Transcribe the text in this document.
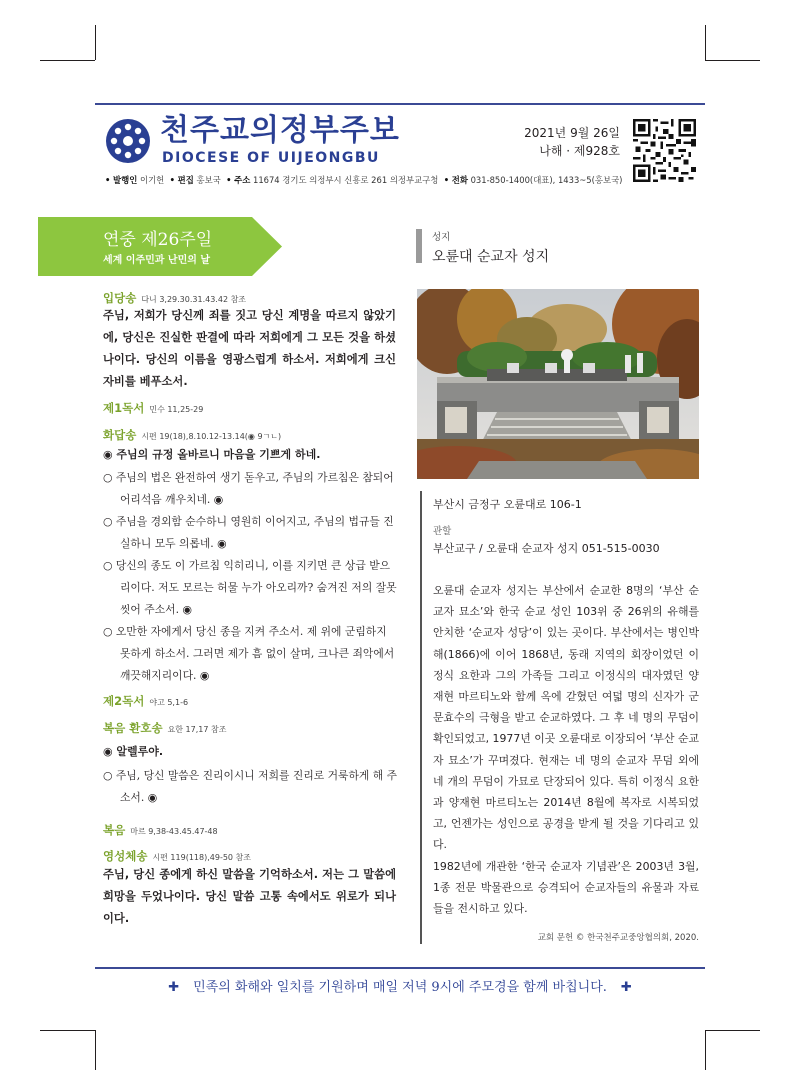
천주교의정부주보
DIOCESE OF UIJEONGBU
2021년 9월 26일
나해 · 제928호
• 발행인 이기헌 • 편집 홍보국 • 주소 11674 경기도 의정부시 신흥로 261 의정부교구청 • 전화 031-850-1400(대표), 1433~5(홍보국)
연중 제26주일
세계 이주민과 난민의 날
입당송 다니 3,29.30.31.43.42 참조
주님, 저희가 당신께 죄를 짓고 당신 계명을 따르지 않았기에, 당신은 진실한 판결에 따라 저희에게 그 모든 것을 하셨나이다. 당신의 이름을 영광스럽게 하소서. 저희에게 크신 자비를 베푸소서.
제1독서 민수 11,25-29
화답송 시편 19(18),8.10.12-13.14(◉ 9ㄱㄴ)
◉ 주님의 규정 올바르니 마음을 기쁘게 하네.
○ 주님의 법은 완전하여 생기 돋우고, 주님의 가르침은 참되어 어리석음 깨우치네. ◉
○ 주님을 경외함 순수하니 영원히 이어지고, 주님의 법규들 진실하니 모두 의롭네. ◉
○ 당신의 종도 이 가르침 익히리니, 이를 지키면 큰 상급 받으리이다. 저도 모르는 허물 누가 아오리까? 숨겨진 저의 잘못 씻어 주소서. ◉
○ 오만한 자에게서 당신 종을 지켜 주소서. 제 위에 군림하지 못하게 하소서. 그러면 제가 흠 없이 살며, 크나큰 죄악에서 깨끗해지리이다. ◉
제2독서 야고 5,1-6
복음 환호송 요한 17,17 참조
◉ 알렐루야.
○ 주님, 당신 말씀은 진리이시니 저희를 진리로 거룩하게 해 주소서. ◉
복음 마르 9,38-43.45.47-48
영성체송 시편 119(118),49-50 참조
주님, 당신 종에게 하신 말씀을 기억하소서. 저는 그 말씀에 희망을 두었나이다. 당신 말씀 고통 속에서도 위로가 되나이다.
성지
오륜대 순교자 성지
부산시 금정구 오륜대로 106-1
관할
부산교구 / 오륜대 순교자 성지 051-515-0030

오륜대 순교자 성지는 부산에서 순교한 8명의 ‘부산 순교자 묘소’와 한국 순교 성인 103위 중 26위의 유해를 안치한 ‘순교자 성당’이 있는 곳이다. 부산에서는 병인박해(1866)에 이어 1868년, 동래 지역의 회장이었던 이정식 요한과 그의 가족들 그리고 이정식의 대자였던 양재현 마르티노와 함께 옥에 갇혔던 여덟 명의 신자가 군문효수의 극형을 받고 순교하였다. 그 후 네 명의 무덤이 확인되었고, 1977년 이곳 오륜대로 이장되어 ‘부산 순교자 묘소’가 꾸며졌다. 현재는 네 명의 순교자 무덤 외에 네 개의 무덤이 가묘로 단장되어 있다. 특히 이정식 요한과 양재현 마르티노는 2014년 8월에 복자로 시복되었고, 언젠가는 성인으로 공경을 받게 될 것을 기다리고 있다.

1982년에 개관한 ‘한국 순교자 기념관’은 2003년 3월, 1종 전문 박물관으로 승격되어 순교자들의 유물과 자료들을 전시하고 있다.

교회 문헌 © 한국천주교중앙협의회, 2020.
✚ 민족의 화해와 일치를 기원하며 매일 저녁 9시에 주모경을 함께 바칩니다. ✚
